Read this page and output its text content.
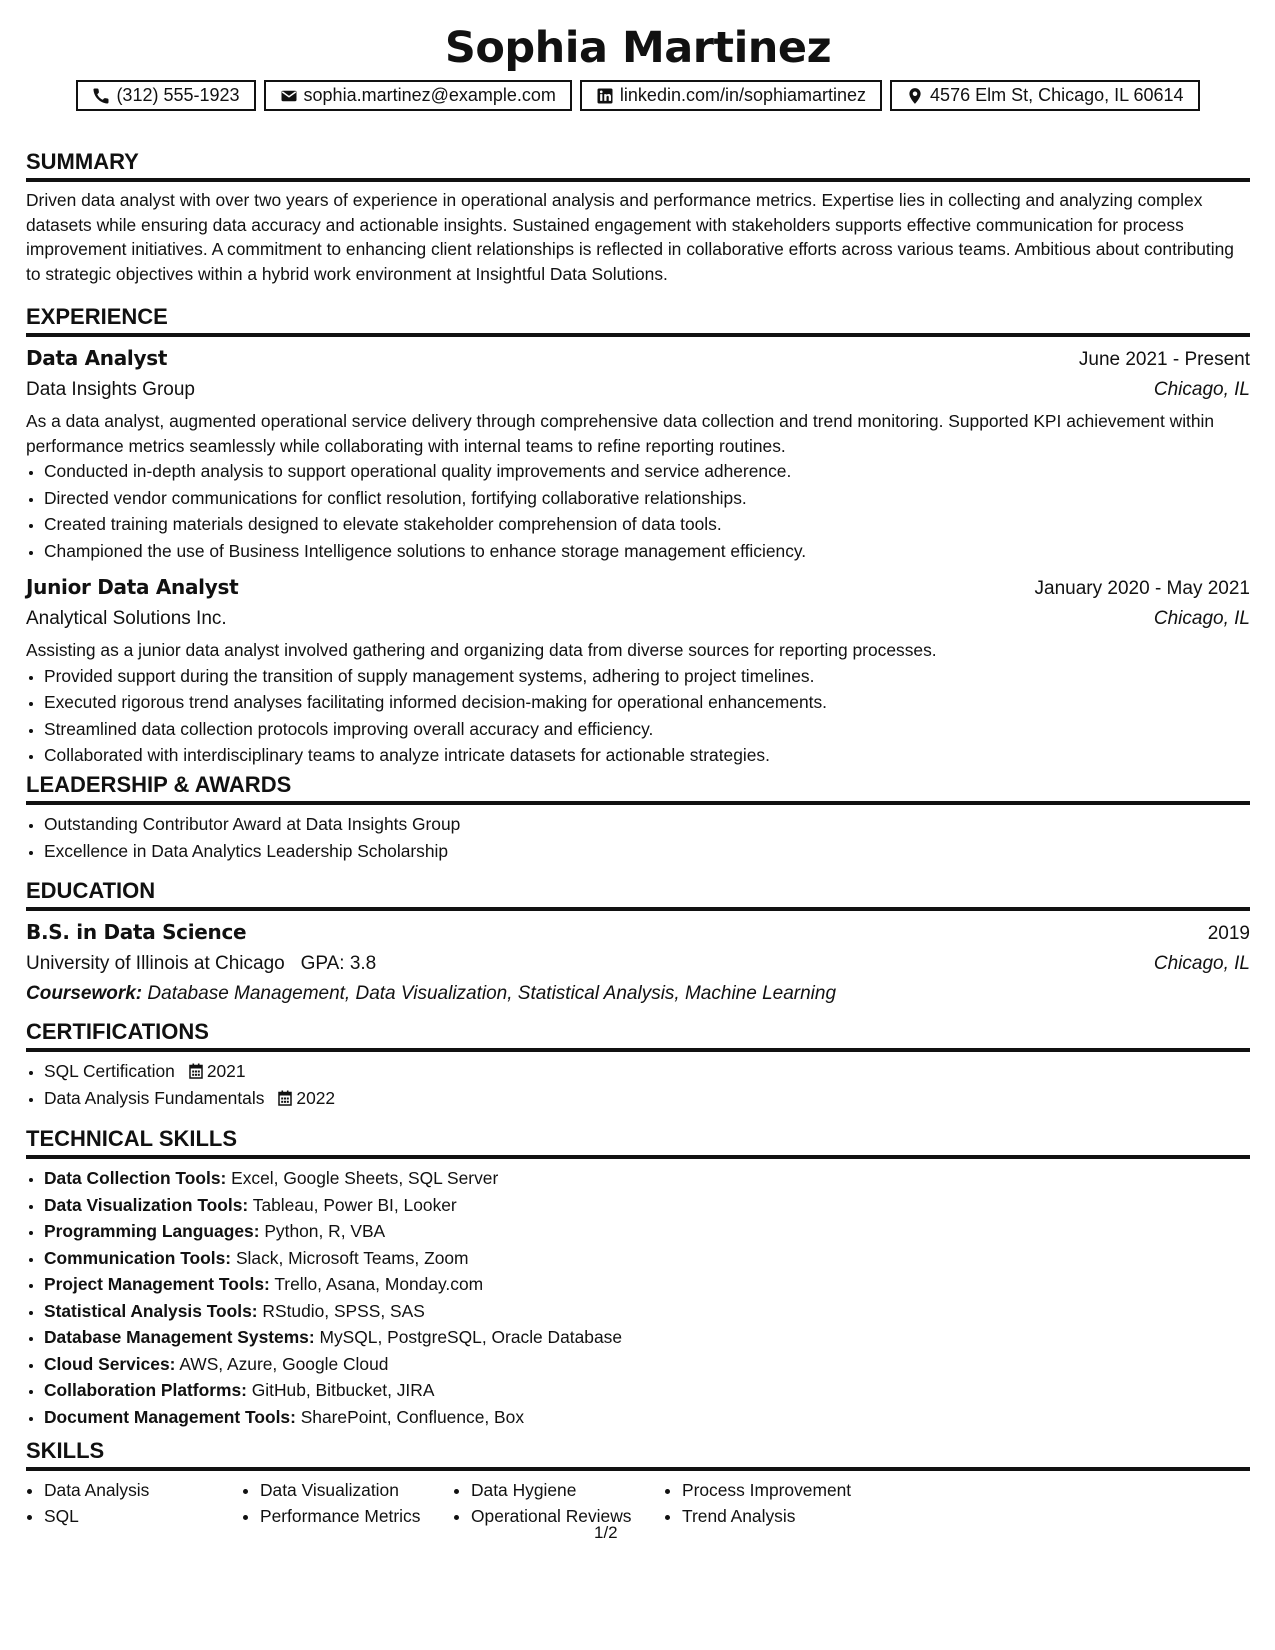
Sophia Martinez
(312) 555-1923	sophia.martinez@example.com	linkedin.com/in/sophiamartinez	4576 Elm St, Chicago, IL 60614
SUMMARY

Driven data analyst with over two years of experience in operational analysis and performance metrics. Expertise lies in collecting and analyzing complex datasets while ensuring data accuracy and actionable insights. Sustained engagement with stakeholders supports effective communication for process improvement initiatives. A commitment to enhancing client relationships is reflected in collaborative efforts across various teams. Ambitious about contributing to strategic objectives within a hybrid work environment at Insightful Data Solutions.

EXPERIENCE
Data Analyst	June 2021 - Present
Data Insights Group	Chicago, IL

As a data analyst, augmented operational service delivery through comprehensive data collection and trend monitoring. Supported KPI achievement within performance metrics seamlessly while collaborating with internal teams to refine reporting routines.

• Conducted in-depth analysis to support operational quality improvements and service adherence.
• Directed vendor communications for conflict resolution, fortifying collaborative relationships.
• Created training materials designed to elevate stakeholder comprehension of data tools.
• Championed the use of Business Intelligence solutions to enhance storage management efficiency.
Junior Data Analyst	January 2020 - May 2021
Analytical Solutions Inc.	Chicago, IL

Assisting as a junior data analyst involved gathering and organizing data from diverse sources for reporting processes.

• Provided support during the transition of supply management systems, adhering to project timelines.
• Executed rigorous trend analyses facilitating informed decision-making for operational enhancements.
• Streamlined data collection protocols improving overall accuracy and efficiency.
• Collaborated with interdisciplinary teams to analyze intricate datasets for actionable strategies.
LEADERSHIP & AWARDS
• Outstanding Contributor Award at Data Insights Group
• Excellence in Data Analytics Leadership Scholarship
EDUCATION
B.S. in Data Science	2019
University of Illinois at Chicago GPA: 3.8	Chicago, IL
Coursework: Database Management, Data Visualization, Statistical Analysis, Machine Learning
CERTIFICATIONS
• SQL Certification 2021
• Data Analysis Fundamentals 2022
TECHNICAL SKILLS
• Data Collection Tools: Excel, Google Sheets, SQL Server
• Data Visualization Tools: Tableau, Power BI, Looker
• Programming Languages: Python, R, VBA
• Communication Tools: Slack, Microsoft Teams, Zoom
• Project Management Tools: Trello, Asana, Monday.com
• Statistical Analysis Tools: RStudio, SPSS, SAS
• Database Management Systems: MySQL, PostgreSQL, Oracle Database
• Cloud Services: AWS, Azure, Google Cloud
• Collaboration Platforms: GitHub, Bitbucket, JIRA
• Document Management Tools: SharePoint, Confluence, Box
SKILLS
Data Analysis	Data Visualization	Data Hygiene	Process Improvement
SQL	Performance Metrics	Operational Reviews	Trend Analysis
1/2
